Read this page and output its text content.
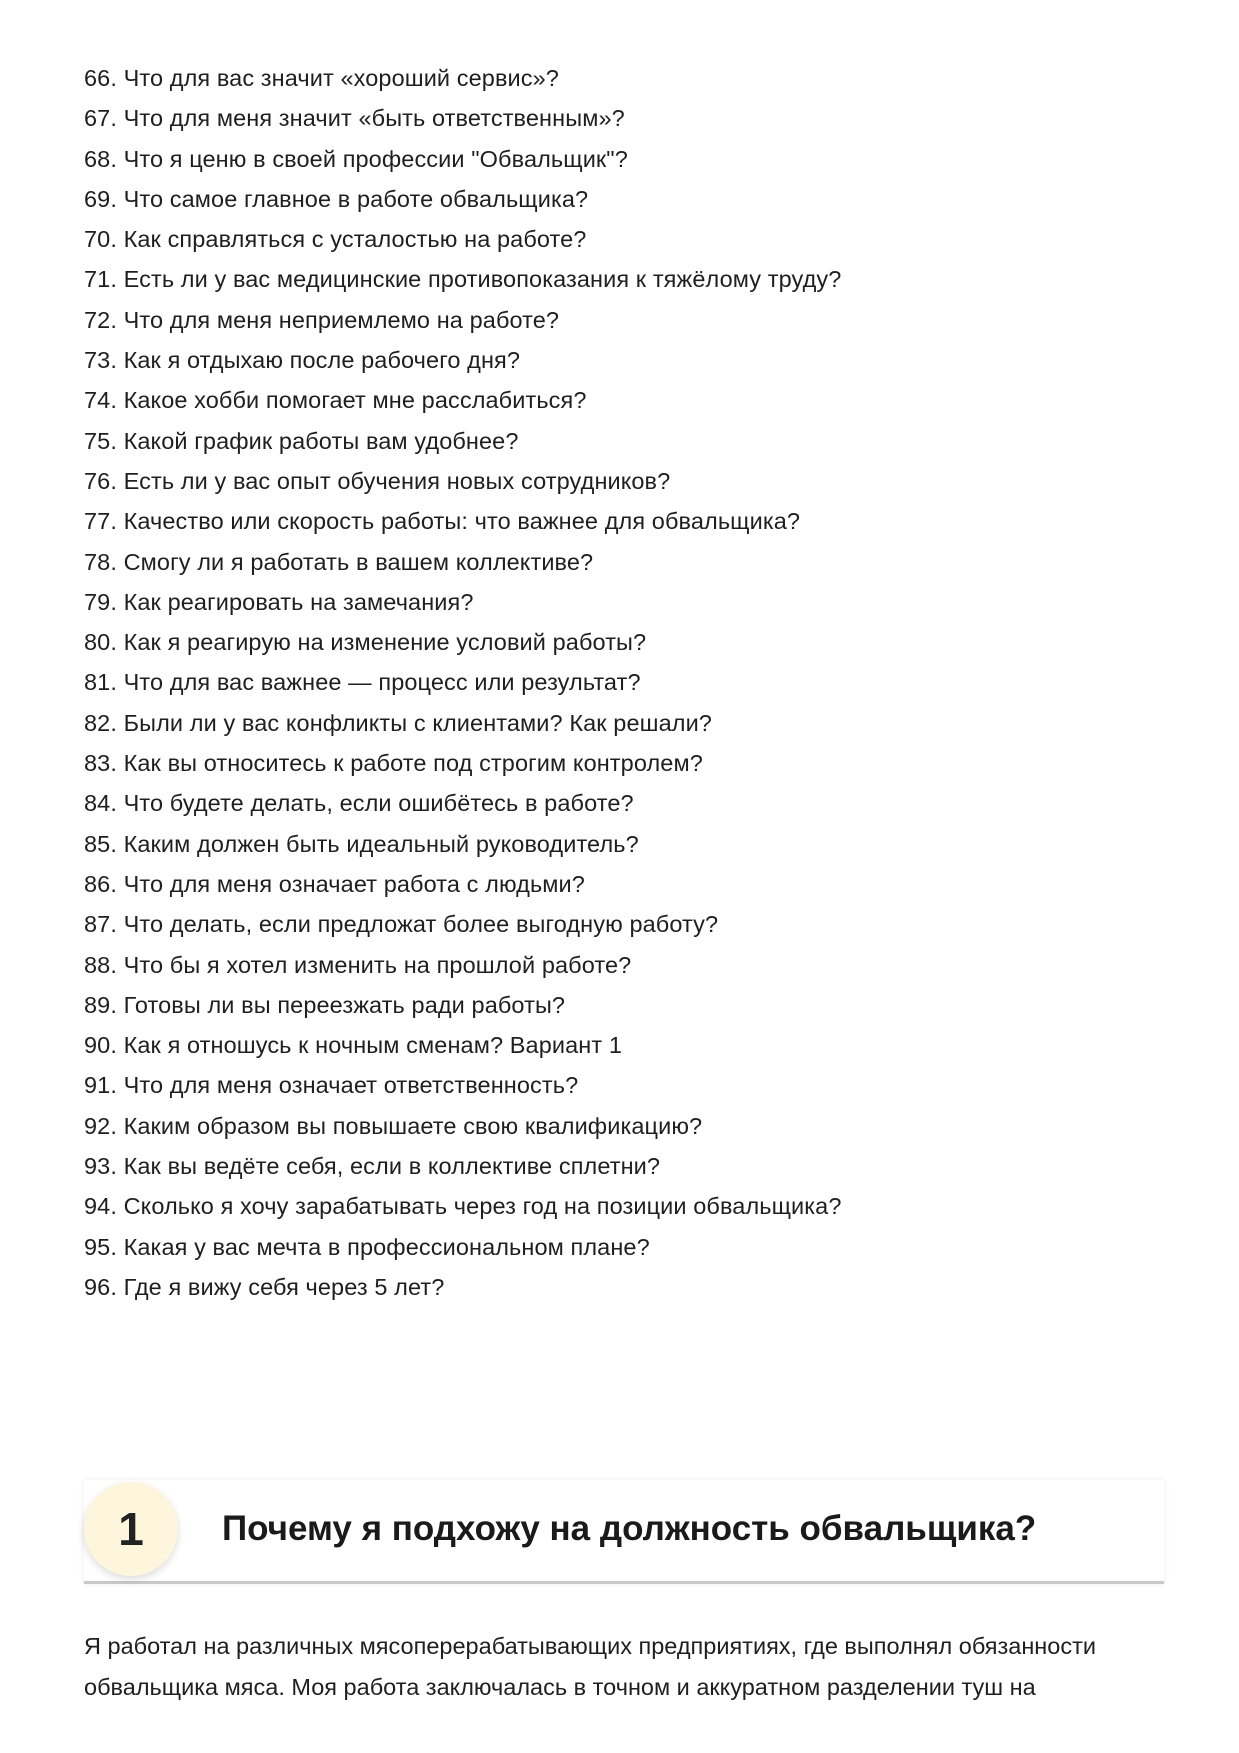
66. Что для вас значит «хороший сервис»?
67. Что для меня значит «быть ответственным»?
68. Что я ценю в своей профессии "Обвальщик"?
69. Что самое главное в работе обвальщика?
70. Как справляться с усталостью на работе?
71. Есть ли у вас медицинские противопоказания к тяжёлому труду?
72. Что для меня неприемлемо на работе?
73. Как я отдыхаю после рабочего дня?
74. Какое хобби помогает мне расслабиться?
75. Какой график работы вам удобнее?
76. Есть ли у вас опыт обучения новых сотрудников?
77. Качество или скорость работы: что важнее для обвальщика?
78. Смогу ли я работать в вашем коллективе?
79. Как реагировать на замечания?
80. Как я реагирую на изменение условий работы?
81. Что для вас важнее — процесс или результат?
82. Были ли у вас конфликты с клиентами? Как решали?
83. Как вы относитесь к работе под строгим контролем?
84. Что будете делать, если ошибётесь в работе?
85. Каким должен быть идеальный руководитель?
86. Что для меня означает работа с людьми?
87. Что делать, если предложат более выгодную работу?
88. Что бы я хотел изменить на прошлой работе?
89. Готовы ли вы переезжать ради работы?
90. Как я отношусь к ночным сменам? Вариант 1
91. Что для меня означает ответственность?
92. Каким образом вы повышаете свою квалификацию?
93. Как вы ведёте себя, если в коллективе сплетни?
94. Сколько я хочу зарабатывать через год на позиции обвальщика?
95. Какая у вас мечта в профессиональном плане?
96. Где я вижу себя через 5 лет?
1	Почему я подхожу на должность обвальщика?

Я работал на различных мясоперерабатывающих предприятиях, где выполнял обязанности обвальщика мяса. Моя работа заключалась в точном и аккуратном разделении туш на
